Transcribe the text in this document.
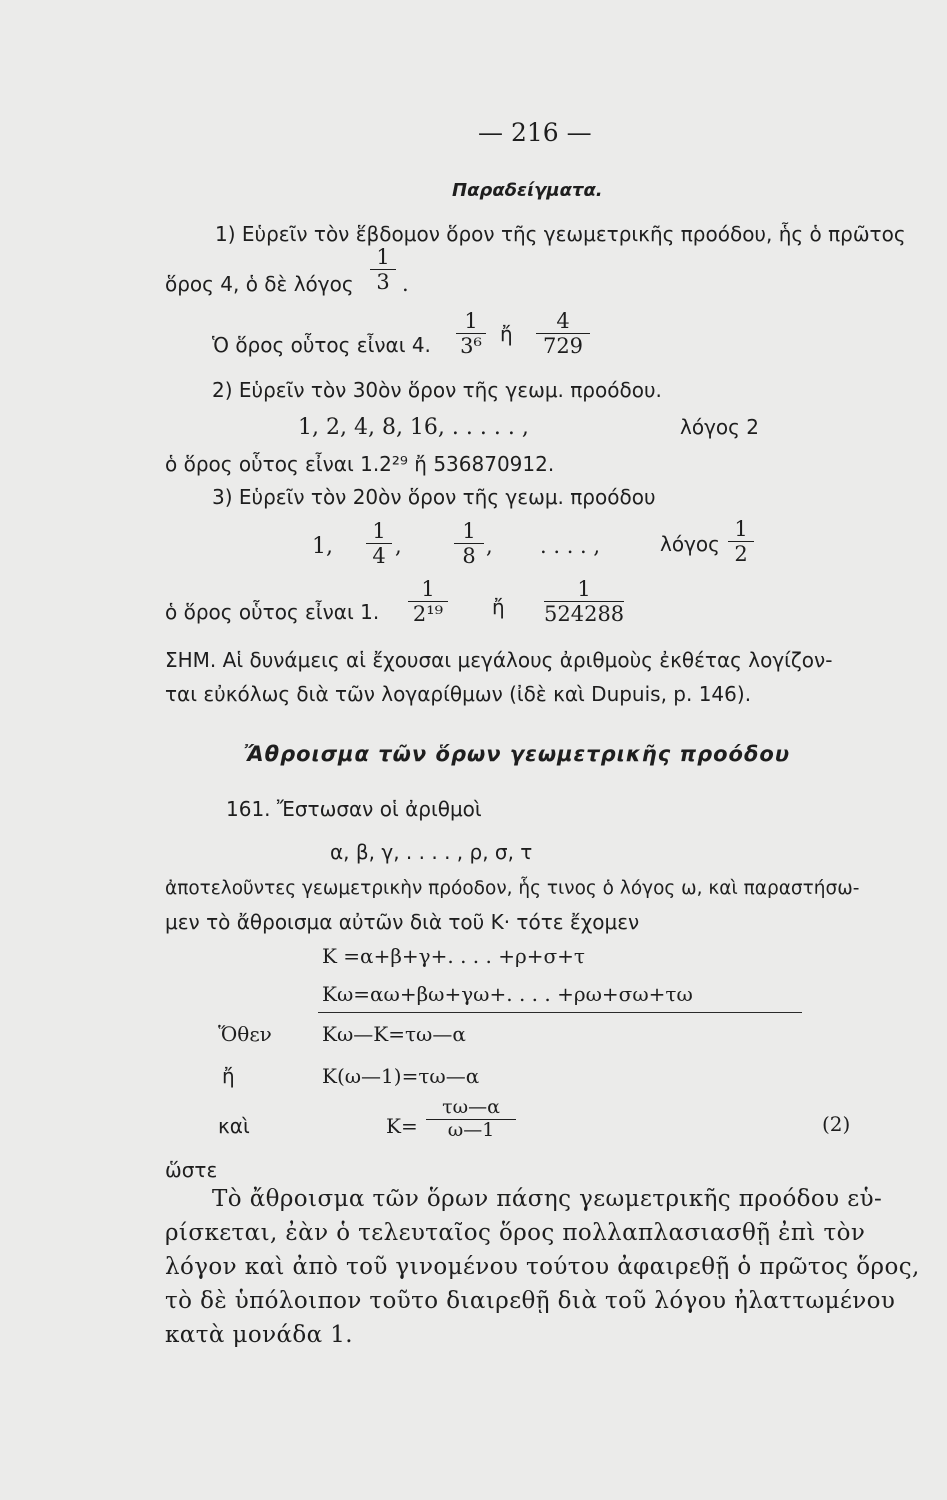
— 216 —
Παραδείγματα.
1) Εὑρεῖν τὸν ἕβδομον ὅρον τῆς γεωμετρικῆς προόδου, ἧς ὁ πρῶτος
ὅρος 4, ὁ δὲ λόγος
1
3 .
Ὁ ὅρος οὗτος εἶναι 4.
1
3⁶
ἤ
4
729
2) Εὑρεῖν τὸν 30ὸν ὅρον τῆς γεωμ. προόδου.
1, 2, 4, 8, 16, . . . . . ,	λόγος 2
ὁ ὅρος οὗτος εἶναι 1.2²⁹ ἤ 536870912.
3) Εὑρεῖν τὸν 20ὸν ὅρον τῆς γεωμ. προόδου
1,
1
4 ,
1
8 , . . . . ,	λόγος
1
2
ὁ ὅρος οὗτος εἶναι 1.
1
2¹⁹ ἤ
1
524288
ΣΗΜ. Αἱ δυνάμεις αἱ ἔχουσαι μεγάλους ἀριθμοὺς ἐκθέτας λογίζον-
ται εὐκόλως διὰ τῶν λογαρίθμων (ἰδὲ καὶ Dupuis, p. 146).
Ἄθροισμα τῶν ὅρων γεωμετρικῆς προόδου
161. Ἔστωσαν οἱ ἀριθμοὶ
α, β, γ, . . . . , ρ, σ, τ
ἀποτελοῦντες γεωμετρικὴν πρόοδον, ἧς τινος ὁ λόγος ω, καὶ παραστήσω-
μεν τὸ ἄθροισμα αὐτῶν διὰ τοῦ Κ· τότε ἔχομεν
Κ =α+β+γ+. . . . +ρ+σ+τ
Κω=αω+βω+γω+. . . . +ρω+σω+τω
Ὅθεν	Κω—Κ=τω—α
ἤ	Κ(ω—1)=τω—α
καὶ	Κ=
τω—α
ω—1	(2)
ὥστε
Τὸ ἄθροισμα τῶν ὅρων πάσης γεωμετρικῆς προόδου εὑ-
ρίσκεται, ἐὰν ὁ τελευταῖος ὅρος πολλαπλασιασθῇ ἐπὶ τὸν
λόγον καὶ ἀπὸ τοῦ γινομένου τούτου ἀφαιρεθῇ ὁ πρῶτος ὅρος,
τὸ δὲ ὑπόλοιπον τοῦτο διαιρεθῇ διὰ τοῦ λόγου ἠλαττωμένου
κατὰ μονάδα 1.
